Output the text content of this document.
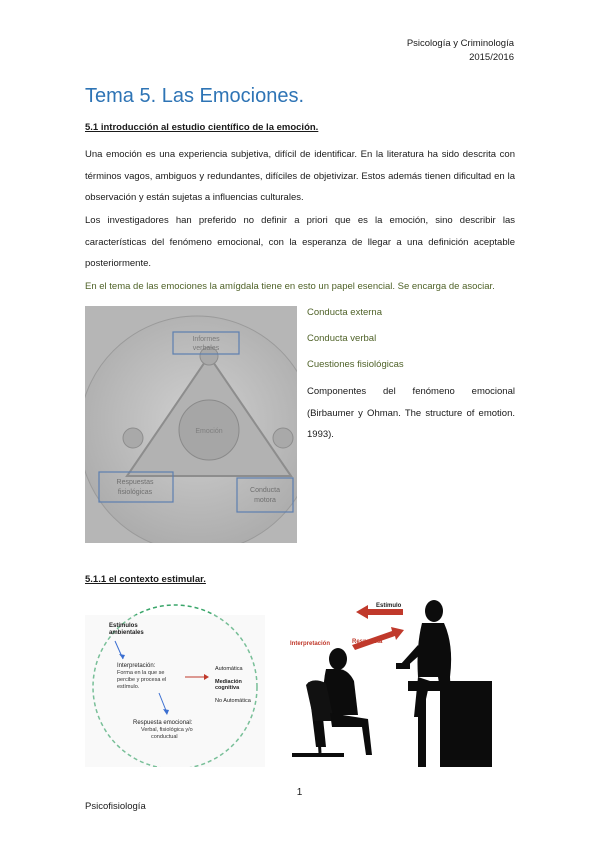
Psicología y Criminología
2015/2016
Tema 5. Las Emociones.
5.1 introducción al estudio científico de la emoción.
Una emoción es una experiencia subjetiva, difícil de identificar. En la literatura ha sido descrita con términos vagos, ambiguos y redundantes, difíciles de objetivizar. Estos además tienen dificultad en la observación y están sujetas a influencias culturales.
Los investigadores han preferido no definir a priori que es la emoción, sino describir las características del fenómeno emocional, con la esperanza de llegar a una definición aceptable posteriormente.
En el tema de las emociones la amígdala tiene en esto un papel esencial. Se encarga de asociar.
Informes
verbales
Emoción
Respuestas
fisiológicas	Conducta
motora
Conducta externa
Conducta verbal
Cuestiones fisiológicas
Componentes del fenómeno emocional (Birbaumer y Ohman. The structure of emotion. 1993).
5.1.1 el contexto estimular.
Estímulos
ambientales
Interpretación:
Forma en la que se
percibe y procesa el
estímulo.
Automática
Mediación
cognitiva
No Automática
Respuesta emocional:
Verbal, fisiológica y/o
conductual
Estímulo
Respuesta
Interpretación
1
Psicofisiología
